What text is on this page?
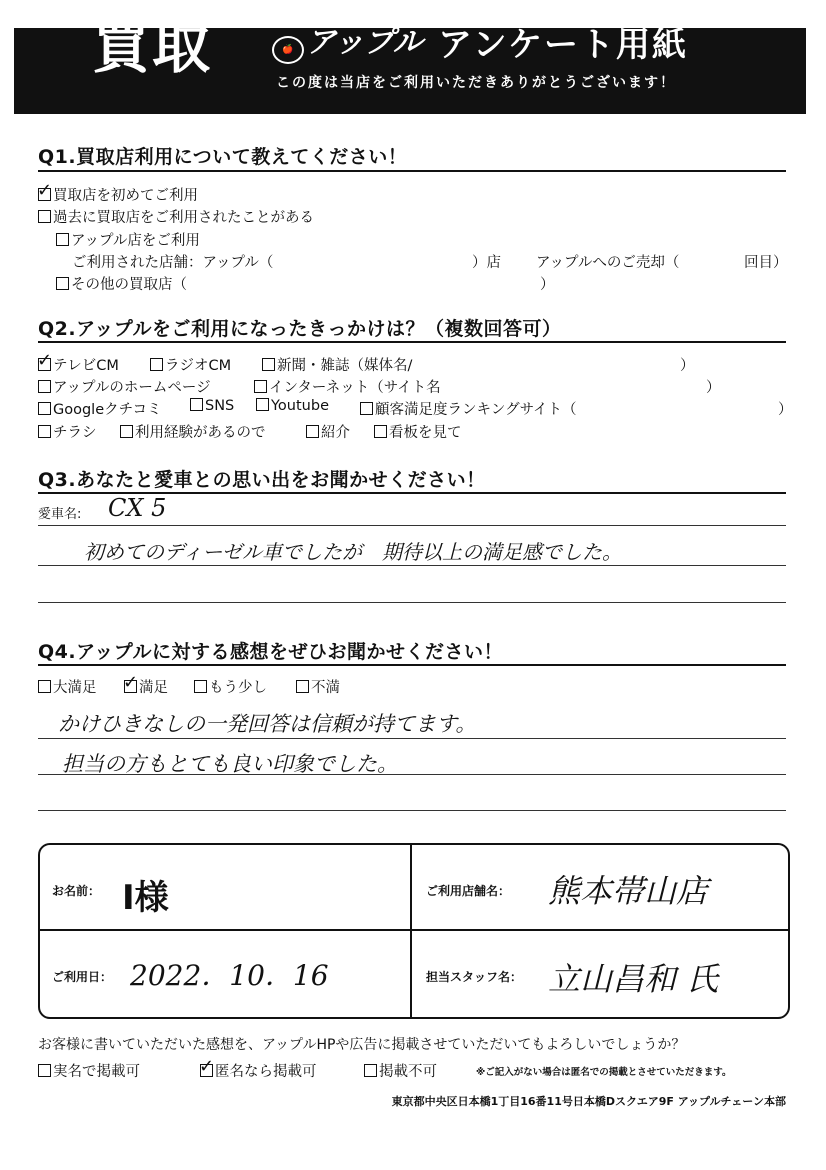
買取	🍎 アップル アンケート用紙
この度は当店をご利用いただきありがとうございます！
Q1.買取店利用について教えてください！
✓ 買取店を初めてご利用
過去に買取店をご利用されたことがある
アップル店をご利用
ご利用された店舗：アップル（	）店 アップルへのご売却（	回目）
その他の買取店（	）
Q2.アップルをご利用になったきっかけは？（複数回答可）
✓ テレビCM	ラジオCM	新聞・雑誌（媒体名/	）
アップルのホームページ	インターネット（サイト名	）
Googleクチコミ	SNS	Youtube	顧客満足度ランキングサイト（	）
チラシ	利用経験があるので	紹介	看板を見て
Q3.あなたと愛車との思い出をお聞かせください！
愛車名: CX 5
初めてのディーゼル車でしたが　期待以上の満足感でした。
Q4.アップルに対する感想をぜひお聞かせください！
大満足 ✓ 満足	もう少し	不満
かけひきなしの一発回答は信頼が持てます。
担当の方もとても良い印象でした。
お名前： I様	ご利用店舗名： 熊本帯山店
ご利用日： 2022．10．16	担当スタッフ名： 立山昌和 氏
お客様に書いていただいた感想を、アップルHPや広告に掲載させていただいてもよろしいでしょうか？
実名で掲載可	✓ 匿名なら掲載可	掲載不可	※ご記入がない場合は匿名での掲載とさせていただきます。
東京都中央区日本橋1丁目16番11号日本橋Dスクエア9F アップルチェーン本部
